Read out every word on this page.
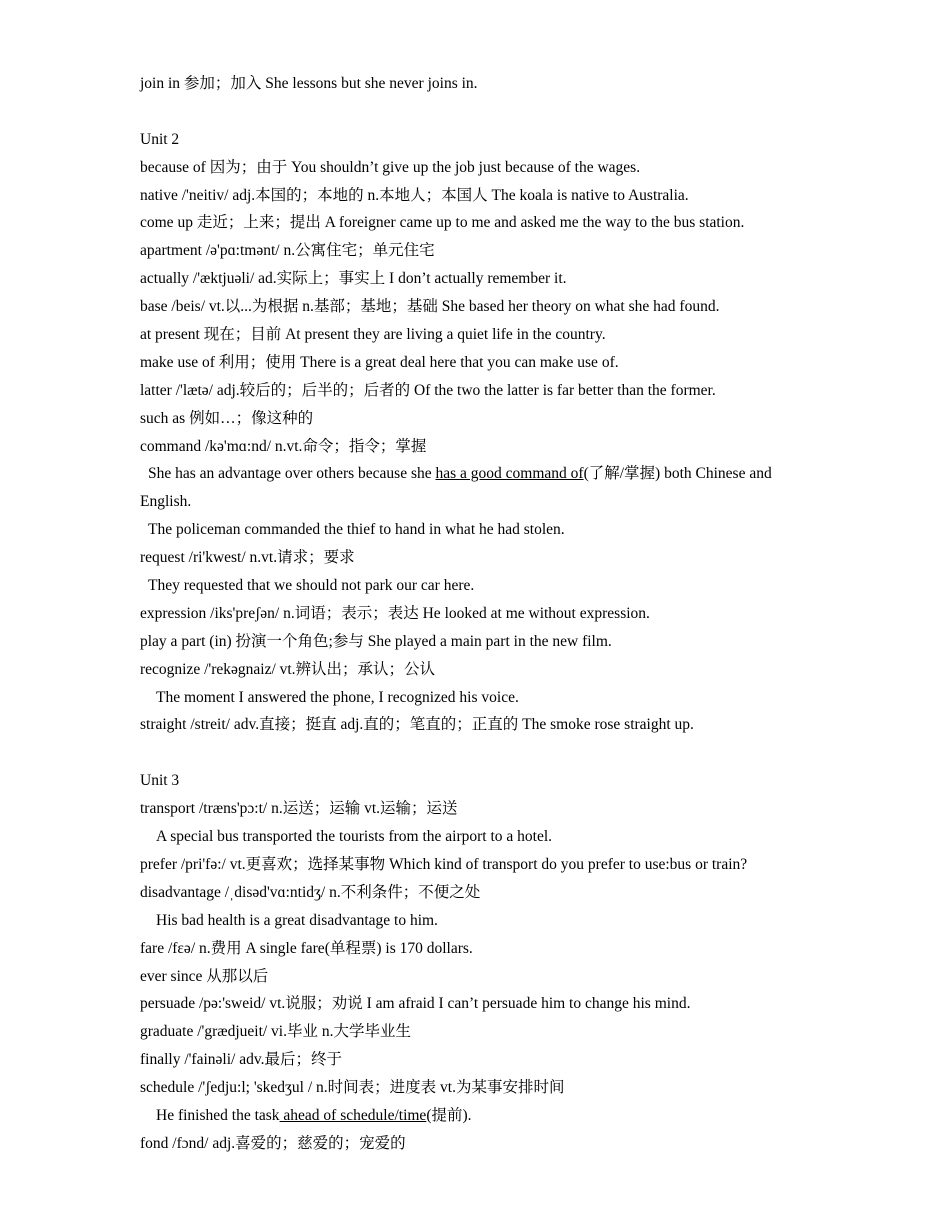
join in 参加；加入 She lessons but she never joins in.
Unit 2
because of 因为；由于 You shouldn’t give up the job just because of the wages.
native /'neitiv/ adj.本国的；本地的 n.本地人；本国人 The koala is native to Australia.
come up 走近；上来；提出 A foreigner came up to me and asked me the way to the bus station.
apartment /ə'pɑ:tmənt/ n.公寓住宅；单元住宅
actually /'æktjuəli/ ad.实际上；事实上 I don’t actually remember it.
base /beis/ vt.以...为根据 n.基部；基地；基础 She based her theory on what she had found.
at present 现在；目前 At present they are living a quiet life in the country.
make use of 利用；使用 There is a great deal here that you can make use of.
latter /'lætə/ adj.较后的；后半的；后者的 Of the two the latter is far better than the former.
such as 例如…；像这种的
command /kə'mɑ:nd/ n.vt.命令；指令；掌握
She has an advantage over others because she has a good command of(了解/掌握) both Chinese and
English.
The policeman commanded the thief to hand in what he had stolen.
request /ri'kwest/ n.vt.请求；要求
They requested that we should not park our car here.
expression /iks'preʃən/ n.词语；表示；表达 He looked at me without expression.
play a part (in) 扮演一个角色;参与 She played a main part in the new film.
recognize /'rekəgnaiz/ vt.辨认出；承认；公认
The moment I answered the phone, I recognized his voice.
straight /streit/ adv.直接；挺直 adj.直的；笔直的；正直的 The smoke rose straight up.
Unit 3
transport /træns'pɔ:t/ n.运送；运输 vt.运输；运送
A special bus transported the tourists from the airport to a hotel.
prefer /pri'fə:/ vt.更喜欢；选择某事物 Which kind of transport do you prefer to use:bus or train?
disadvantage /ˌdisəd'vɑ:ntidʒ/ n.不利条件；不便之处
His bad health is a great disadvantage to him.
fare /fεə/ n.费用 A single fare(单程票) is 170 dollars.
ever since 从那以后
persuade /pə:'sweid/ vt.说服；劝说 I am afraid I can’t persuade him to change his mind.
graduate /'grædjueit/ vi.毕业 n.大学毕业生
finally /'fainəli/ adv.最后；终于
schedule /'ʃedju:l; 'skedʒul / n.时间表；进度表 vt.为某事安排时间
He finished the task ahead of schedule/time(提前).
fond /fɔnd/ adj.喜爱的；慈爱的；宠爱的
